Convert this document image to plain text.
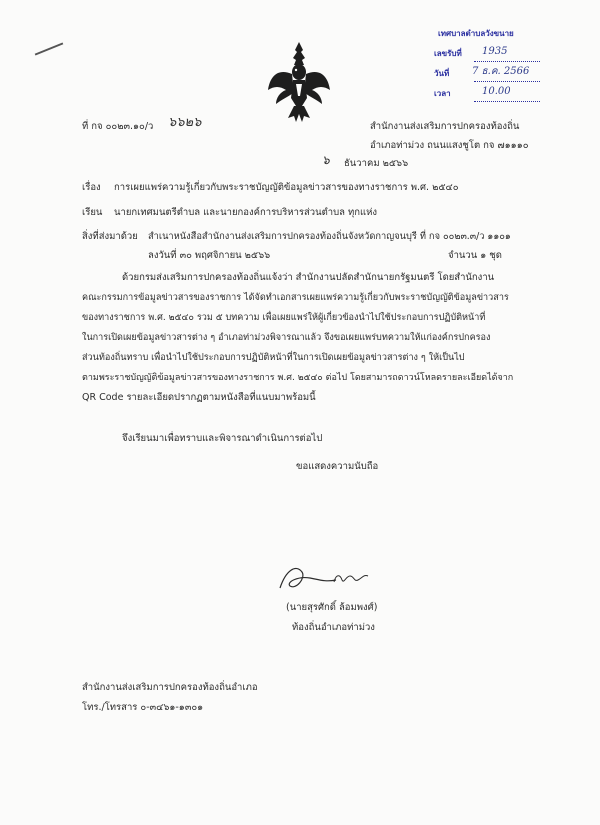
เทศบาลตำบลวังขนาย
เลขรับที่ 1935
วันที่ 7 ธ.ค. 2566
เวลา	10.00
ที่ กจ ๐๐๒๓.๑๐/ว ๖๖๒๖	สำนักงานส่งเสริมการปกครองท้องถิ่น
อำเภอท่าม่วง ถนนแสงชูโต กจ ๗๑๑๑๐
๖ ธันวาคม ๒๕๖๖
เรื่อง การเผยแพร่ความรู้เกี่ยวกับพระราชบัญญัติข้อมูลข่าวสารของทางราชการ พ.ศ. ๒๕๔๐
เรียน นายกเทศมนตรีตำบล และนายกองค์การบริหารส่วนตำบล ทุกแห่ง
สิ่งที่ส่งมาด้วย สำเนาหนังสือสำนักงานส่งเสริมการปกครองท้องถิ่นจังหวัดกาญจนบุรี ที่ กจ ๐๐๒๓.๓/ว ๑๑๐๑
ลงวันที่ ๓๐ พฤศจิกายน ๒๕๖๖	จำนวน ๑ ชุด
ด้วยกรมส่งเสริมการปกครองท้องถิ่นแจ้งว่า สำนักงานปลัดสำนักนายกรัฐมนตรี โดยสำนักงาน
คณะกรรมการข้อมูลข่าวสารของราชการ ได้จัดทำเอกสารเผยแพร่ความรู้เกี่ยวกับพระราชบัญญัติข้อมูลข่าวสาร
ของทางราชการ พ.ศ. ๒๕๔๐ รวม ๕ บทความ เพื่อเผยแพร่ให้ผู้เกี่ยวข้องนำไปใช้ประกอบการปฏิบัติหน้าที่
ในการเปิดเผยข้อมูลข่าวสารต่าง ๆ อำเภอท่าม่วงพิจารณาแล้ว จึงขอเผยแพร่บทความให้แก่องค์กรปกครอง
ส่วนท้องถิ่นทราบ เพื่อนำไปใช้ประกอบการปฏิบัติหน้าที่ในการเปิดเผยข้อมูลข่าวสารต่าง ๆ ให้เป็นไป
ตามพระราชบัญญัติข้อมูลข่าวสารของทางราชการ พ.ศ. ๒๕๔๐ ต่อไป โดยสามารถดาวน์โหลดรายละเอียดได้จาก
QR Code รายละเอียดปรากฏตามหนังสือที่แนบมาพร้อมนี้
จึงเรียนมาเพื่อทราบและพิจารณาดำเนินการต่อไป
ขอแสดงความนับถือ
(นายสุรศักดิ์ ล้อมพงศ์)
ท้องถิ่นอำเภอท่าม่วง
สำนักงานส่งเสริมการปกครองท้องถิ่นอำเภอ
โทร./โทรสาร ๐-๓๔๖๑-๑๓๐๑
